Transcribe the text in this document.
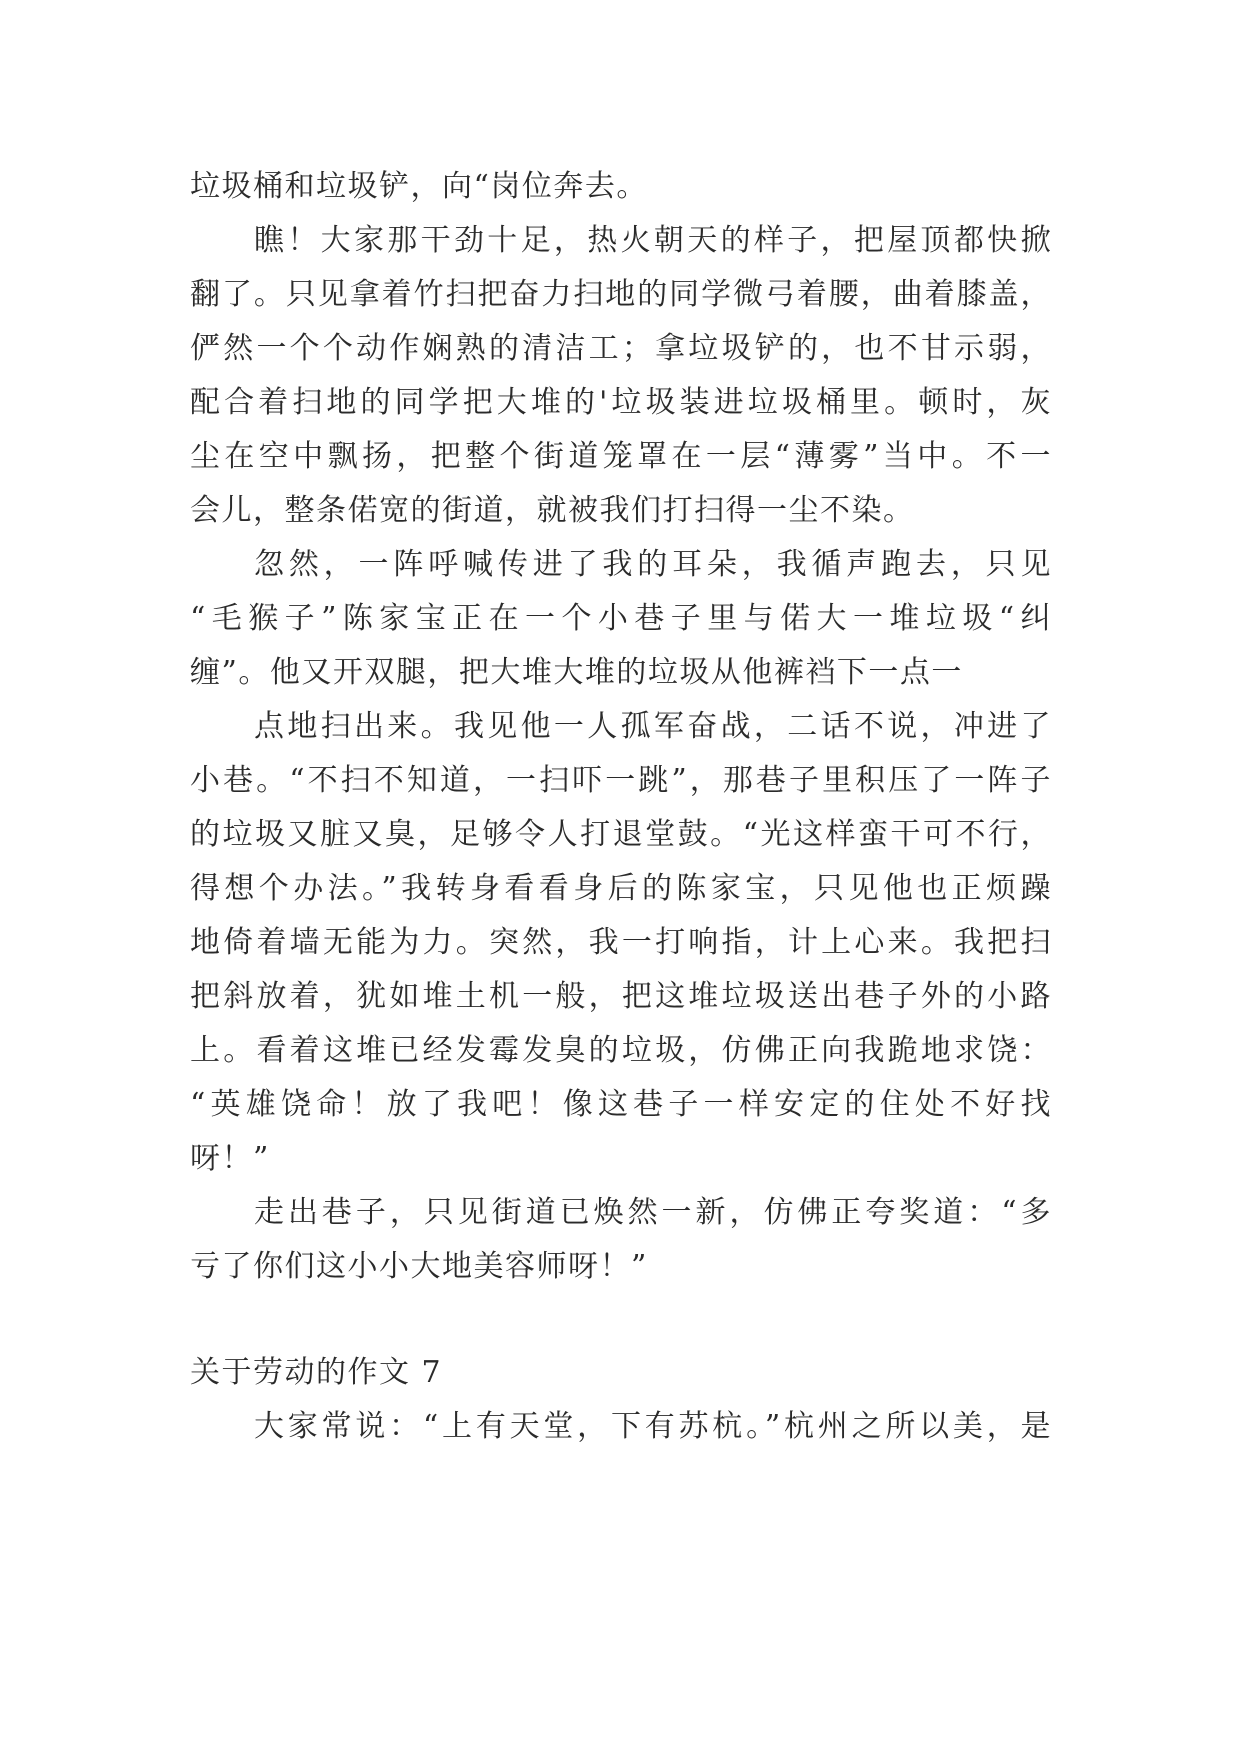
垃圾桶和垃圾铲，向“岗位奔去。
瞧！大家那干劲十足，热火朝天的样子，把屋顶都快掀
翻了。只见拿着竹扫把奋力扫地的同学微弓着腰，曲着膝盖，
俨然一个个动作娴熟的清洁工；拿垃圾铲的，也不甘示弱，
配合着扫地的同学把大堆的'垃圾装进垃圾桶里。顿时，灰
尘在空中飘扬，把整个街道笼罩在一层“薄雾”当中。不一
会儿，整条偌宽的街道，就被我们打扫得一尘不染。
忽然，一阵呼喊传进了我的耳朵，我循声跑去，只见
“毛猴子”陈家宝正在一个小巷子里与偌大一堆垃圾“纠
缠”。他又开双腿，把大堆大堆的垃圾从他裤裆下一点一
点地扫出来。我见他一人孤军奋战，二话不说，冲进了
小巷。“不扫不知道，一扫吓一跳”，那巷子里积压了一阵子
的垃圾又脏又臭，足够令人打退堂鼓。“光这样蛮干可不行，
得想个办法。”我转身看看身后的陈家宝，只见他也正烦躁
地倚着墙无能为力。突然，我一打响指，计上心来。我把扫
把斜放着，犹如堆土机一般，把这堆垃圾送出巷子外的小路
上。看着这堆已经发霉发臭的垃圾，仿佛正向我跪地求饶：
“英雄饶命！放了我吧！像这巷子一样安定的住处不好找
呀！”
走出巷子，只见街道已焕然一新，仿佛正夸奖道：“多
亏了你们这小小大地美容师呀！”
关于劳动的作文 7
大家常说：“上有天堂，下有苏杭。”杭州之所以美，是
